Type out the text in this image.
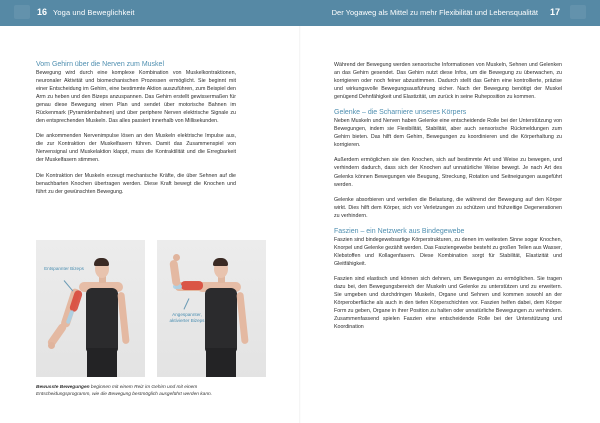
16 Yoga und Beweglichkeit	Der Yogaweg als Mittel zu mehr Flexibilität und Lebensqualität 17
Vom Gehirn über die Nerven zum Muskel

Bewegung wird durch eine komplexe Kombination von Muskelkontraktionen, neuronaler Aktivität und biomechanischen Prozessen ermöglicht. Sie beginnt mit einer Entscheidung im Gehirn, eine bestimmte Aktion auszuführen, zum Beispiel den Arm zu heben und den Bizeps anzuspannen. Das Gehirn erstellt gewissermaßen für genau diese Bewegung einen Plan und sendet über motorische Bahnen im Rückenmark (Pyramidenbahnen) und über periphere Nerven elektrische Signale zu den entsprechenden Muskeln. Das alles passiert innerhalb von Millisekunden.

Die ankommenden Nervenimpulse lösen an den Muskeln elektrische Impulse aus, die zur Kontraktion der Muskelfasern führen. Damit das Zusammenspiel von Nervensignal und Muskelaktion klappt, muss die Kontraktilität und die Erregbarkeit der Muskelfasern stimmen.

Die Kontraktion der Muskeln erzeugt mechanische Kräfte, die über Sehnen auf die benachbarten Knochen übertragen werden. Diese Kraft bewegt die Knochen und führt zu der gewünschten Bewegung.

Entspannter Bizeps
Angespannter, aktivierter Bizeps
Bewusste Bewegungen beginnen mit einem Reiz im Gehirn und mit einem Entscheidungsprogramm, wie die Bewegung bestmöglich ausgeführt werden kann.

Während der Bewegung werden sensorische Informationen von Muskeln, Sehnen und Gelenken an das Gehirn gesendet. Das Gehirn nutzt diese Infos, um die Bewegung zu überwachen, zu korrigieren oder noch feiner abzustimmen. Dadurch stellt das Gehirn eine kontrollierte, präzise und wirkungsvolle Bewegungsausführung sicher. Nach der Bewegung benötigt der Muskel genügend Dehnfähigkeit und Elastizität, um zurück in seine Ruheposition zu kommen.

Gelenke – die Scharniere unseres Körpers

Neben Muskeln und Nerven haben Gelenke eine entscheidende Rolle bei der Unterstützung von Bewegungen, indem sie Flexibilität, Stabilität, aber auch sensorische Rückmeldungen zum Gehirn bieten. Das hilft dem Gehirn, Bewegungen zu koordinieren und die Körperhaltung zu korrigieren.

Außerdem ermöglichen sie den Knochen, sich auf bestimmte Art und Weise zu bewegen, und verhindern dadurch, dass sich der Knochen auf unnatürliche Weise bewegt. Je nach Art des Gelenks können Bewegungen wie Beugung, Streckung, Rotation und Seitneigungen ausgeführt werden.

Gelenke absorbieren und verteilen die Belastung, die während der Bewegung auf den Körper wirkt. Dies hilft dem Körper, sich vor Verletzungen zu schützen und frühzeitige Degenerationen zu verhindern.

Faszien – ein Netzwerk aus Bindegewebe

Faszien sind bindegewebsartige Körperstrukturen, zu denen im weitesten Sinne sogar Knochen, Knorpel und Gelenke gezählt werden. Das Fasziengewebe besteht zu großen Teilen aus Wasser, Klebstoffen und Kollagenfasern. Diese Kombination sorgt für Stabilität, Elastizität und Gleitfähigkeit.

Faszien sind elastisch und können sich dehnen, um Bewegungen zu ermöglichen. Sie tragen dazu bei, den Bewegungsbereich der Muskeln und Gelenke zu unterstützen und zu erweitern. Sie umgeben und durchdringen Muskeln, Organe und Sehnen und kommen sowohl an der Körperoberfläche als auch in den tiefen Körperschichten vor. Faszien helfen dabei, dem Körper Form zu geben, Organe in ihrer Position zu halten oder unnatürliche Bewegungen zu verhindern. Zusammenfassend spielen Faszien eine entscheidende Rolle bei der Unterstützung und Koordination
